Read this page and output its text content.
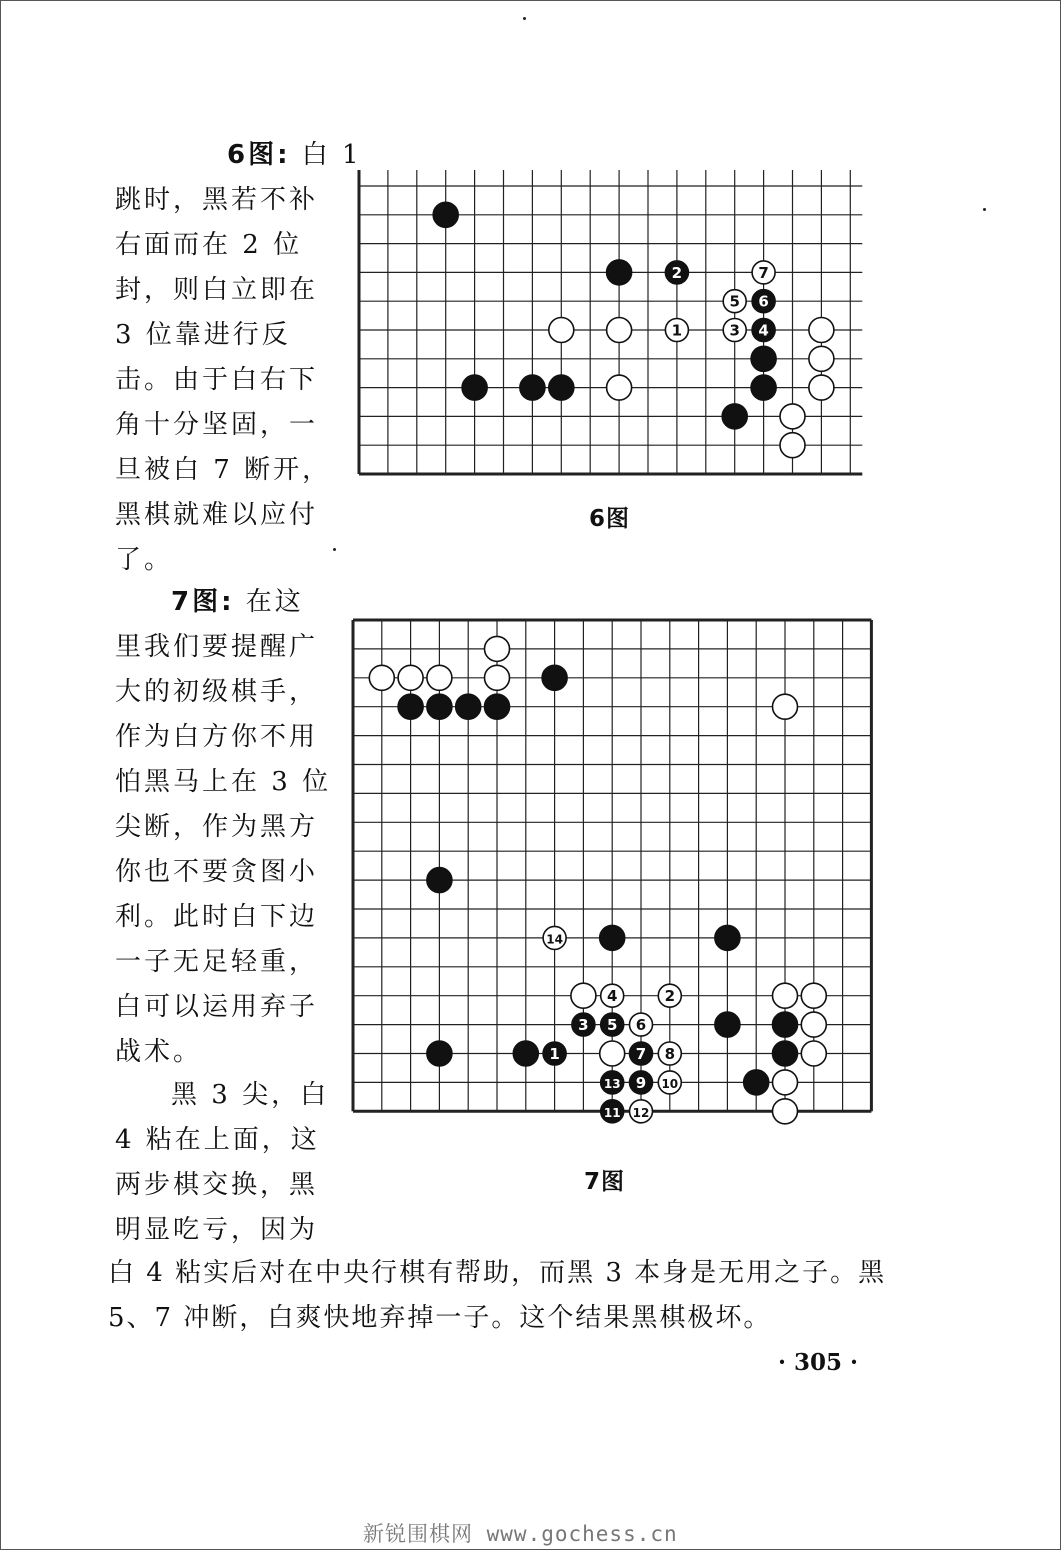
6图: 白 1
跳时，黑若不补
右面而在 2 位
封，则白立即在
3 位靠进行反
击。由于白右下
角十分坚固，一
旦被白 7 断开，
黑棋就难以应付
了。
7图: 在这
里我们要提醒广
大的初级棋手，
作为白方你不用
怕黑马上在 3 位
尖断，作为黑方
你也不要贪图小
利。此时白下边
一子无足轻重，
白可以运用弃子
战术。
黑 3 尖，白
4 粘在上面，这
两步棋交换，黑
明显吃亏，因为
白 4 粘实后对在中央行棋有帮助，而黑 3 本身是无用之子。黑
5、7 冲断，白爽快地弃掉一子。这个结果黑棋极坏。
1
2
3 4
5 6
7
6图
1
2
3
4
5 6
7 8
9 10
11 12
13
14
7图
· 305 ·
新锐围棋网 www.gochess.cn
